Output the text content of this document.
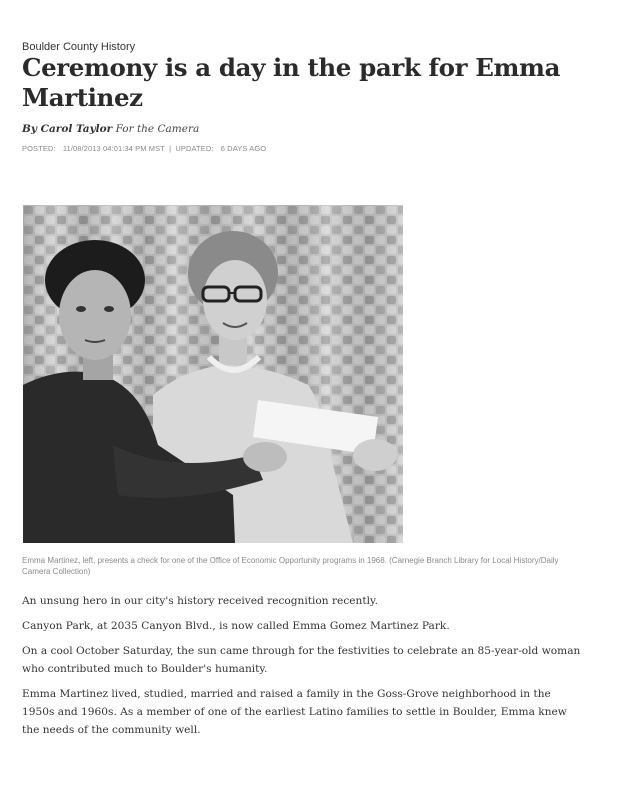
Boulder County History
Ceremony is a day in the park for Emma Martinez
By Carol Taylor For the Camera
POSTED: 11/08/2013 04:01:34 PM MST | UPDATED: 6 DAYS AGO
Emma Martinez, left, presents a check for one of the Office of Economic Opportunity programs in 1968. (Carnegie Branch Library for Local History/Daily Camera Collection)

An unsung hero in our city's history received recognition recently.

Canyon Park, at 2035 Canyon Blvd., is now called Emma Gomez Martinez Park.

On a cool October Saturday, the sun came through for the festivities to celebrate an 85-year-old woman who contributed much to Boulder's humanity.

Emma Martinez lived, studied, married and raised a family in the Goss-Grove neighborhood in the 1950s and 1960s. As a member of one of the earliest Latino families to settle in Boulder, Emma knew the needs of the community well.
